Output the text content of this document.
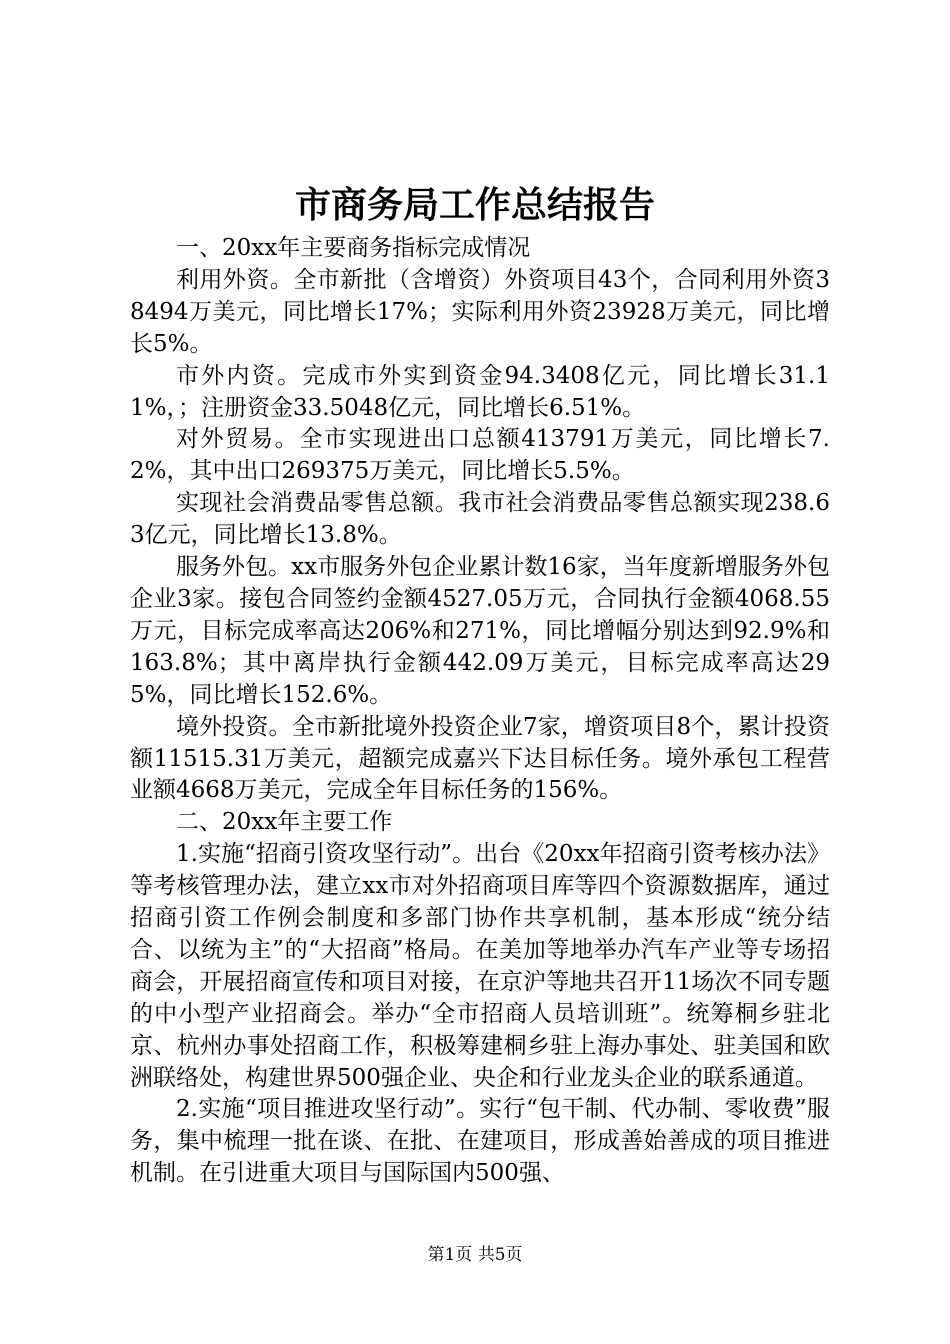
市商务局工作总结报告

一、20xx年主要商务指标完成情况

利用外资。全市新批（含增资）外资项目43个，合同利用外资38494万美元，同比增长17%；实际利用外资23928万美元，同比增长5%。

市外内资。完成市外实到资金94.3408亿元，同比增长31.11%，；注册资金33.5048亿元，同比增长6.51%。

对外贸易。全市实现进出口总额413791万美元，同比增长7.2%，其中出口269375万美元，同比增长5.5%。

实现社会消费品零售总额。我市社会消费品零售总额实现238.63亿元，同比增长13.8%。

服务外包。xx市服务外包企业累计数16家，当年度新增服务外包企业3家。接包合同签约金额4527.05万元，合同执行金额4068.55万元，目标完成率高达206%和271%，同比增幅分别达到92.9%和163.8%；其中离岸执行金额442.09万美元，目标完成率高达295%，同比增长152.6%。

境外投资。全市新批境外投资企业7家，增资项目8个，累计投资额11515.31万美元，超额完成嘉兴下达目标任务。境外承包工程营业额4668万美元，完成全年目标任务的156%。

二、20xx年主要工作

1.实施“招商引资攻坚行动”。出台《20xx年招商引资考核办法》等考核管理办法，建立xx市对外招商项目库等四个资源数据库，通过招商引资工作例会制度和多部门协作共享机制，基本形成“统分结合、以统为主”的“大招商”格局。在美加等地举办汽车产业等专场招商会，开展招商宣传和项目对接，在京沪等地共召开11场次不同专题的中小型产业招商会。举办“全市招商人员培训班”。统筹桐乡驻北京、杭州办事处招商工作，积极筹建桐乡驻上海办事处、驻美国和欧洲联络处，构建世界500强企业、央企和行业龙头企业的联系通道。

2.实施“项目推进攻坚行动”。实行“包干制、代办制、零收费”服务，集中梳理一批在谈、在批、在建项目，形成善始善成的项目推进机制。在引进重大项目与国际国内500强、

第1页 共5页
